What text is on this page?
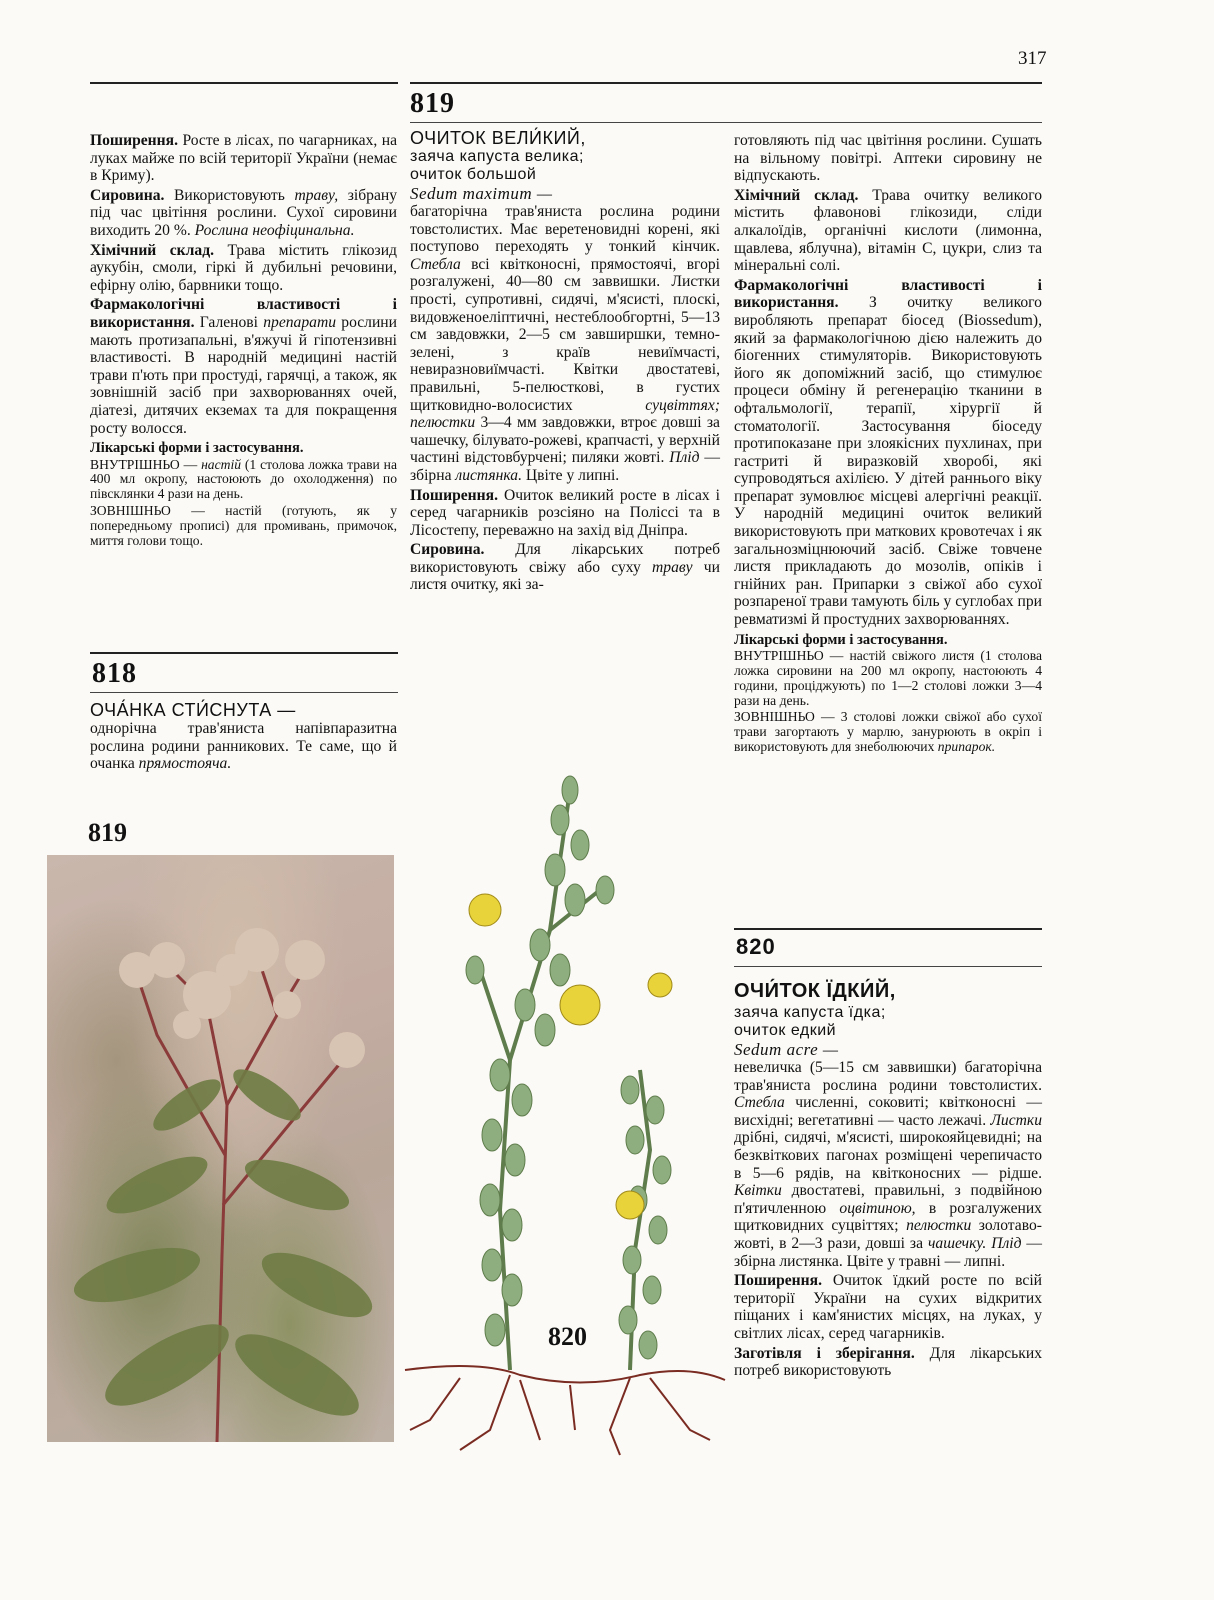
317
819

Поширення. Росте в лісах, по чагарниках, на луках майже по всій території України (немає в Криму).

Сировина. Використовують траву, зібрану під час цвітіння рослини. Сухої сировини виходить 20 %. Рослина неофіцинальна.

Хімічний склад. Трава містить глікозид аукубін, смоли, гіркі й дубильні речовини, ефірну олію, барвники тощо.

Фармакологічні властивості і використання. Галенові препарати рослини мають протизапальні, в'яжучі й гіпотензивні властивості. В народній медицині настій трави п'ють при простуді, гарячці, а також, як зовнішній засіб при захворюваннях очей, діатезі, дитячих екземах та для покращення росту волосся.

Лікарські форми і застосування.

ВНУТРІШНЬО — настій (1 столова ложка трави на 400 мл окропу, настоюють до охолодження) по півсклянки 4 рази на день.

ЗОВНІШНЬО — настій (готують, як у попередньому прописі) для промивань, примочок, миття голови тощо.

818
ОЧА́НКА СТИ́СНУТА —

однорічна трав'яниста напівпаразитна рослина родини ранникових. Те саме, що й очанка прямостояча.

819
ОЧИТОК ВЕЛИ́КИЙ,
заяча капуста велика;
очиток большой
Sedum maximum —

багаторічна трав'яниста рослина родини товстолистих. Має веретеновидні корені, які поступово переходять у тонкий кінчик. Стебла всі квітконосні, прямостоячі, вгорі розгалужені, 40—80 см заввишки. Листки прості, супротивні, сидячі, м'ясисті, плоскі, видовженоеліптичні, нестеблообгортні, 5—13 см завдовжки, 2—5 см завширшки, темно-зелені, з країв невиїмчасті, невиразновиїмчасті. Квітки двостатеві, правильні, 5-пелюсткові, в густих щитковидно-волосистих	суцвіттях; пелюстки 3—4 мм завдовжки, втроє довші за чашечку, білувато-рожеві, крапчасті, у верхній частині відстовбурчені; пиляки жовті. Плід — збірна листянка. Цвіте у липні.

Поширення. Очиток великий росте в лісах і серед чагарників розсіяно на Поліссі та в Лісостепу, переважно на захід від Дніпра.

Сировина. Для лікарських потреб використовують свіжу або суху траву чи листя очитку, які за-

820

готовляють під час цвітіння рослини. Сушать на вільному повітрі. Аптеки сировину не відпускають.

Хімічний склад. Трава очитку великого містить флавонові глікозиди, сліди алкалоїдів, органічні кислоти (лимонна, щавлева, яблучна), вітамін С, цукри, слиз та мінеральні солі.

Фармакологічні властивості і використання. З очитку великого виробляють препарат біосед (Biossedum), який за фармакологічною дією належить до біогенних стимуляторів. Використовують його як допоміжний засіб, що стимулює процеси обміну й регенерацію тканини в офтальмології, терапії, хірургії й стоматології. Застосування біоседу протипоказане при злоякісних пухлинах, при гастриті й виразковій хворобі, які супроводяться ахілією. У дітей раннього віку препарат зумовлює місцеві алергічні реакції. У народній медицині очиток великий використовують при маткових кровотечах і як загальнозміцнюючий засіб. Свіже товчене листя прикладають до мозолів, опіків і гнійних ран. Припарки з свіжої або сухої розпареної трави тамують біль у суглобах при ревматизмі й простудних захворюваннях.

Лікарські форми і застосування.

ВНУТРІШНЬО — настій свіжого листя (1 столова ложка сировини на 200 мл окропу, настоюють 4 години, проціджують) по 1—2 столові ложки 3—4 рази на день.

ЗОВНІШНЬО — 3 столові ложки свіжої або сухої трави загортають у марлю, занурюють в окріп і використовують для знеболюючих припарок.

820
ОЧИ́ТОК ЇДКИ́Й,
заяча капуста їдка;
очиток едкий
Sedum acre —

невеличка (5—15 см заввишки) багаторічна трав'яниста рослина родини товстолистих. Стебла численні, соковиті; квітконосні — висхідні; вегетативні — часто лежачі. Листки дрібні, сидячі, м'ясисті, широкояйцевидні; на безквіткових пагонах розміщені черепичасто в 5—6 рядів, на квітконосних — рідше. Квітки двостатеві, правильні, з подвійною п'ятичленною оцвітиною, в розгалужених щитковидних суцвіттях; пелюстки золотаво-жовті, в 2—3 рази, довші за чашечку. Плід — збірна листянка. Цвіте у травні — липні.

Поширення. Очиток їдкий росте по всій території України на сухих відкритих піщаних і кам'янистих місцях, на луках, у світлих лісах, серед чагарників.

Заготівля і зберігання. Для лікарських потреб використовують
